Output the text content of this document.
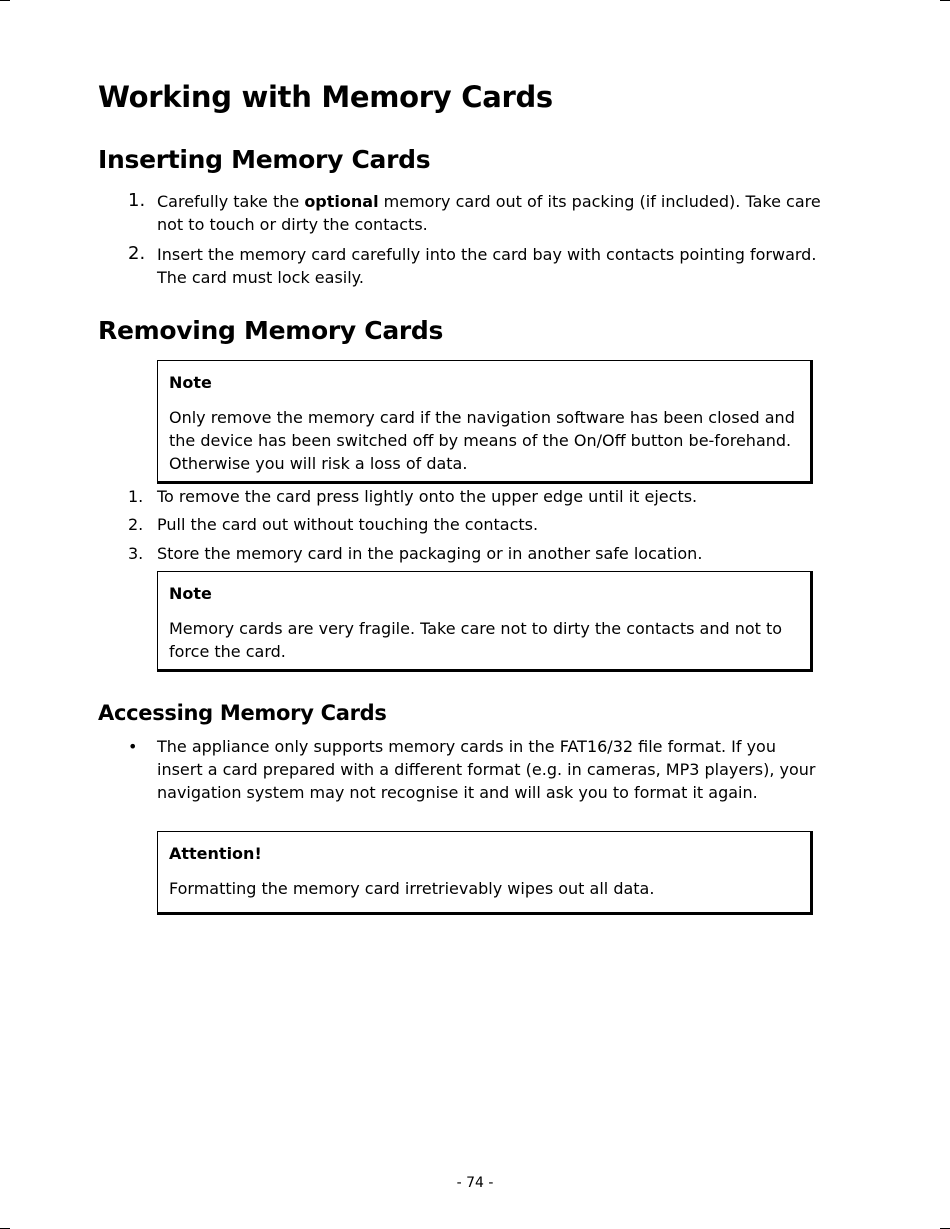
Working with Memory Cards
Inserting Memory Cards
1. Carefully take the optional memory card out of its packing (if included). Take care not to touch or dirty the contacts.

2. Insert the memory card carefully into the card bay with contacts pointing forward. The card must lock easily.

Removing Memory Cards

Note

Only remove the memory card if the navigation software has been closed and the device has been switched off by means of the On/Off button be-forehand. Otherwise you will risk a loss of data.

1. To remove the card press lightly onto the upper edge until it ejects.

2. Pull the card out without touching the contacts.

3. Store the memory card in the packaging or in another safe location.

Note

Memory cards are very fragile. Take care not to dirty the contacts and not to force the card.

Accessing Memory Cards
• The appliance only supports memory cards in the FAT16/32 file format. If you insert a card prepared with a different format (e.g. in cameras, MP3 players), your navigation system may not recognise it and will ask you to format it again.

Attention!

Formatting the memory card irretrievably wipes out all data.

- 74 -
